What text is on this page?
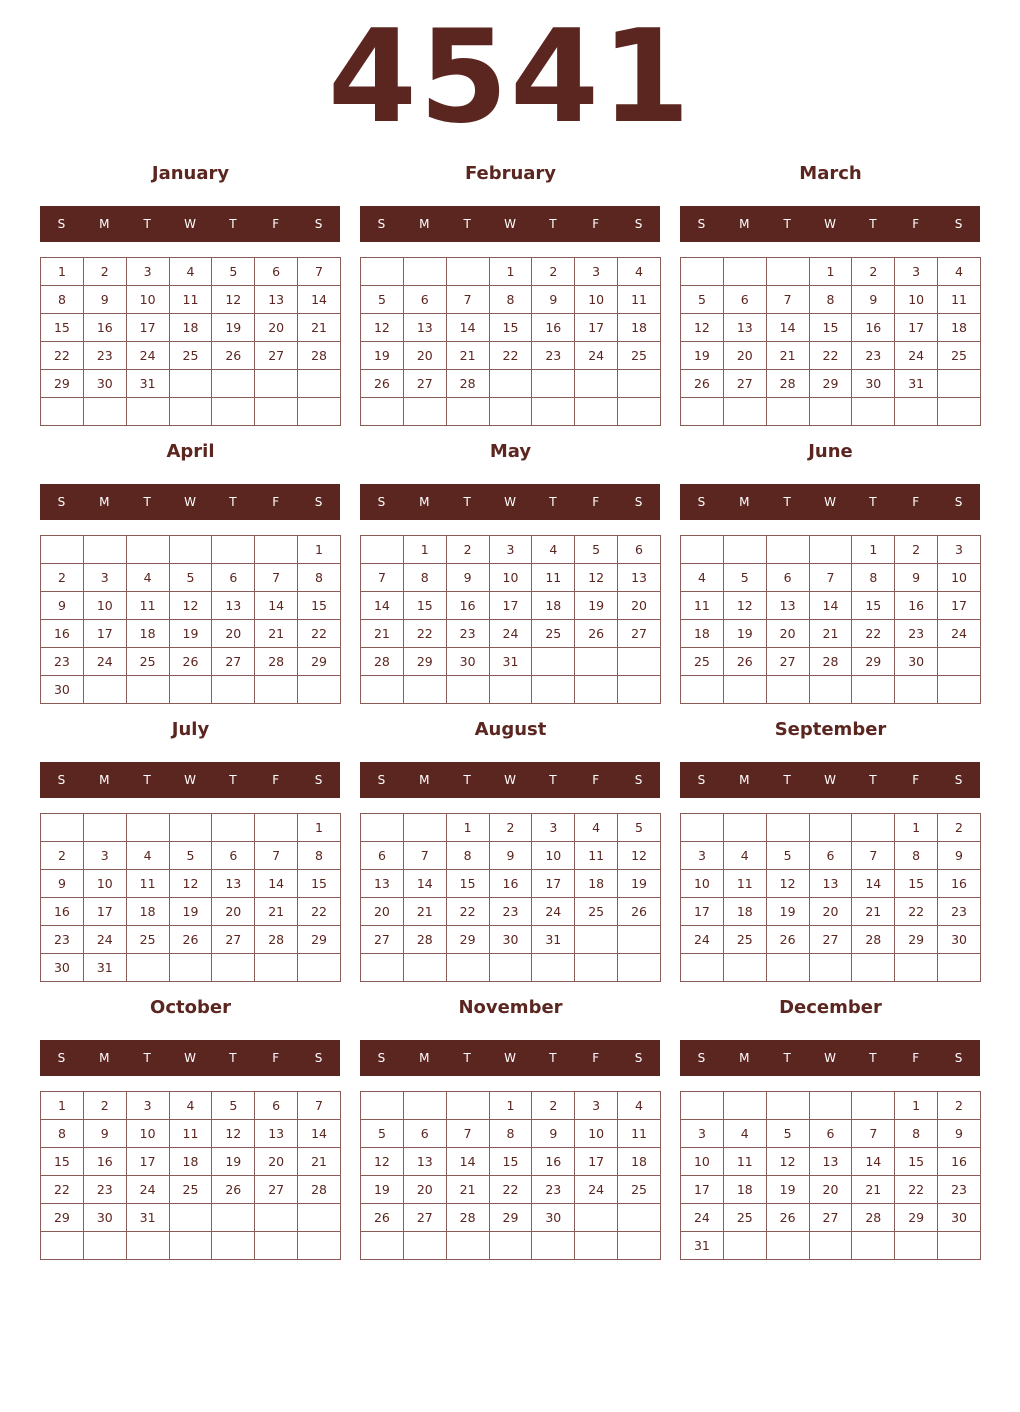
4541
January
S	M	T	W	T	F	S
1	2	3	4	5	6	7
8	9	10	11	12	13	14
15	16	17	18	19	20	21
22	23	24	25	26	27	28
29	30	31				

February
S	M	T	W	T	F	S
			1	2	3	4
5	6	7	8	9	10	11
12	13	14	15	16	17	18
19	20	21	22	23	24	25
26	27	28				

March
S	M	T	W	T	F	S
			1	2	3	4
5	6	7	8	9	10	11
12	13	14	15	16	17	18
19	20	21	22	23	24	25
26	27	28	29	30	31	

April
S	M	T	W	T	F	S
						1
2	3	4	5	6	7	8
9	10	11	12	13	14	15
16	17	18	19	20	21	22
23	24	25	26	27	28	29
30						
May
S	M	T	W	T	F	S
	1	2	3	4	5	6
7	8	9	10	11	12	13
14	15	16	17	18	19	20
21	22	23	24	25	26	27
28	29	30	31			

June
S	M	T	W	T	F	S
				1	2	3
4	5	6	7	8	9	10
11	12	13	14	15	16	17
18	19	20	21	22	23	24
25	26	27	28	29	30	

July
S	M	T	W	T	F	S
						1
2	3	4	5	6	7	8
9	10	11	12	13	14	15
16	17	18	19	20	21	22
23	24	25	26	27	28	29
30	31					
August
S	M	T	W	T	F	S
		1	2	3	4	5
6	7	8	9	10	11	12
13	14	15	16	17	18	19
20	21	22	23	24	25	26
27	28	29	30	31		

September
S	M	T	W	T	F	S
					1	2
3	4	5	6	7	8	9
10	11	12	13	14	15	16
17	18	19	20	21	22	23
24	25	26	27	28	29	30

October
S	M	T	W	T	F	S
1	2	3	4	5	6	7
8	9	10	11	12	13	14
15	16	17	18	19	20	21
22	23	24	25	26	27	28
29	30	31				

November
S	M	T	W	T	F	S
			1	2	3	4
5	6	7	8	9	10	11
12	13	14	15	16	17	18
19	20	21	22	23	24	25
26	27	28	29	30		

December
S	M	T	W	T	F	S
					1	2
3	4	5	6	7	8	9
10	11	12	13	14	15	16
17	18	19	20	21	22	23
24	25	26	27	28	29	30
31						
